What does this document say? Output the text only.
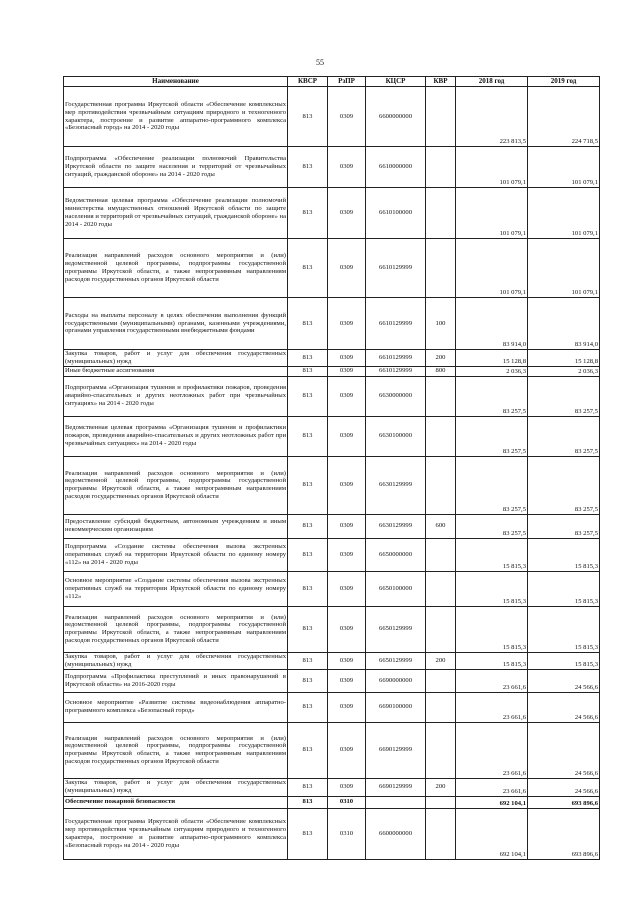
55
Наименование	КВСР	РзПР	КЦСР	КВР	2018 год	2019 год
Государственная программа Иркутской области «Обеспечение комплексных мер противодействия чрезвычайным ситуациям природного и техногенного характера, построение и развитие аппаратно-программного комплекса «Безопасный город» на 2014 - 2020 годы	813	0309	6600000000		223 813,5	224 718,5
Подпрограмма «Обеспечение реализации полномочий Правительства Иркутской области по защите населения и территорий от чрезвычайных ситуаций, гражданской обороне» на 2014 - 2020 годы	813	0309	6610000000		101 079,1	101 079,1
Ведомственная целевая программа «Обеспечение реализации полномочий министерства имущественных отношений Иркутской области по защите населения и территорий от чрезвычайных ситуаций, гражданской обороне» на 2014 - 2020 годы	813	0309	6610100000		101 079,1	101 079,1
Реализация направлений расходов основного мероприятия и (или) ведомственной целевой программы, подпрограммы государственной программы Иркутской области, а также непрограммным направлениям расходов государственных органов Иркутской области	813	0309	6610129999		101 079,1	101 079,1
Расходы на выплаты персоналу в целях обеспечения выполнения функций государственными (муниципальными) органами, казенными учреждениями, органами управления государственными внебюджетными фондами	813	0309	6610129999	100	83 914,0	83 914,0
Закупка товаров, работ и услуг для обеспечения государственных (муниципальных) нужд	813	0309	6610129999	200	15 128,8	15 128,8
Иные бюджетные ассигнования	813	0309	6610129999	800	2 036,3	2 036,3
Подпрограмма «Организация тушения и профилактики пожаров, проведения аварийно-спасательных и других неотложных работ при чрезвычайных ситуациях» на 2014 - 2020 годы	813	0309	6630000000		83 257,5	83 257,5
Ведомственная целевая программа «Организация тушения и профилактики пожаров, проведения аварийно-спасательных и других неотложных работ при чрезвычайных ситуациях» на 2014 - 2020 годы	813	0309	6630100000		83 257,5	83 257,5
Реализация направлений расходов основного мероприятия и (или) ведомственной целевой программы, подпрограммы государственной программы Иркутской области, а также непрограммным направлениям расходов государственных органов Иркутской области	813	0309	6630129999		83 257,5	83 257,5
Предоставление субсидий бюджетным, автономным учреждениям и иным некоммерческим организациям	813	0309	6630129999	600	83 257,5	83 257,5
Подпрограмма «Создание системы обеспечения вызова экстренных оперативных служб на территории Иркутской области по единому номеру «112» на 2014 - 2020 годы	813	0309	6650000000		15 815,3	15 815,3
Основное мероприятие «Создание системы обеспечения вызова экстренных оперативных служб на территории Иркутской области по единому номеру «112»	813	0309	6650100000		15 815,3	15 815,3
Реализация направлений расходов основного мероприятия и (или) ведомственной целевой программы, подпрограммы государственной программы Иркутской области, а также непрограммным направлениям расходов государственных органов Иркутской области	813	0309	6650129999		15 815,3	15 815,3
Закупка товаров, работ и услуг для обеспечения государственных (муниципальных) нужд	813	0309	6650129999	200	15 815,3	15 815,3
Подпрограмма «Профилактика преступлений и иных правонарушений в Иркутской области» на 2016-2020 годы	813	0309	6690000000		23 661,6	24 566,6
Основное мероприятие «Развитие системы видеонаблюдения аппаратно-программного комплекса «Безопасный город»	813	0309	6690100000		23 661,6	24 566,6
Реализация направлений расходов основного мероприятия и (или) ведомственной целевой программы, подпрограммы государственной программы Иркутской области, а также непрограммным направлениям расходов государственных органов Иркутской области	813	0309	6690129999		23 661,6	24 566,6
Закупка товаров, работ и услуг для обеспечения государственных (муниципальных) нужд	813	0309	6690129999	200	23 661,6	24 566,6
Обеспечение пожарной безопасности	813	0310			692 104,1	693 896,6
Государственная программа Иркутской области «Обеспечение комплексных мер противодействия чрезвычайным ситуациям природного и техногенного характера, построение и развитие аппаратно-программного комплекса «Безопасный город» на 2014 - 2020 годы	813	0310	6600000000		692 104,1	693 896,6
